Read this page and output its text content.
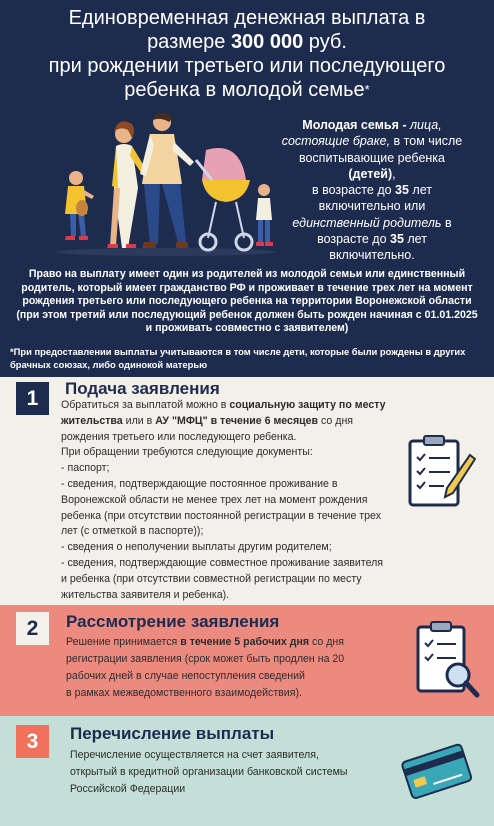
Единовременная денежная выплата в
размере 300 000 руб.
при рождении третьего или последующего
ребенка в молодой семье*
Молодая семья - лица,
состоящие браке, в том числе
воспитывающие ребенка
(детей),
в возрасте до 35 лет
включительно или
единственный родитель в
возрасте до 35 лет
включительно.
Право на выплату имеет один из родителей из молодой семьи или единственный
родитель, который имеет гражданство РФ и проживает в течение трех лет на момент
рождения третьего или последующего ребенка на территории Воронежской области
(при этом третий или последующий ребенок должен быть рожден начиная с 01.01.2025
и проживать совместно с заявителем)
*При предоставлении выплаты учитываются в том числе дети, которые были рождены в других
брачных союзах, либо одинокой матерью
1	Подача заявления
Обратиться за выплатой можно в социальную защиту по месту
жительства или в АУ "МФЦ" в течение 6 месяцев со дня
рождения третьего или последующего ребенка.
При обращении требуются следующие документы:
- паспорт;
- сведения, подтверждающие постоянное проживание в
Воронежской области не менее трех лет на момент рождения
ребенка (при отсутствии постоянной регистрации в течение трех
лет (с отметкой в паспорте));
- сведения о неполучении выплаты другим родителем;
- сведения, подтверждающие совместное проживание заявителя
и ребенка (при отсутствии совместной регистрации по месту
жительства заявителя и ребенка).
2	Рассмотрение заявления
Решение принимается в течение 5 рабочих дня со дня
регистрации заявления (срок может быть продлен на 20
рабочих дней в случае непоступления сведений
в рамках межведомственного взаимодействия).
3	Перечисление выплаты
Перечисление осуществляется на счет заявителя,
открытый в кредитной организации банковской системы
Российской Федерации
